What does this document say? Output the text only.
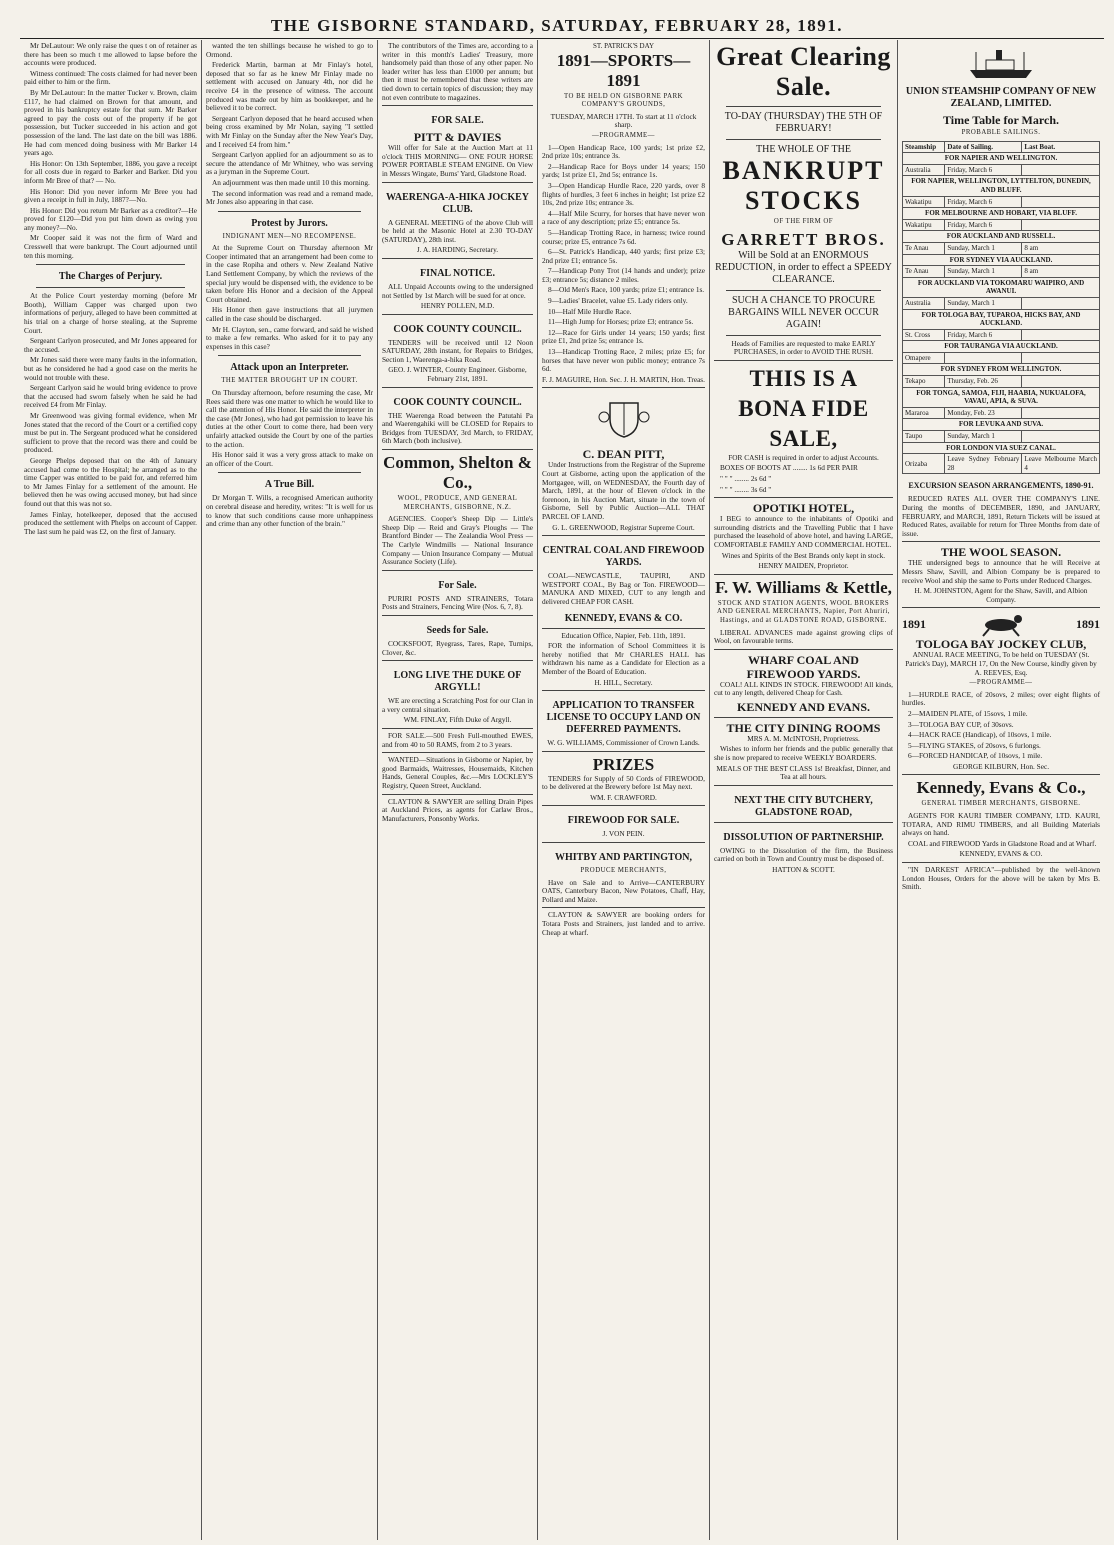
THE GISBORNE STANDARD, SATURDAY, FEBRUARY 28, 1891.

Mr DeLautour: We only raise the ques t on of retainer as there has been so much t me allowed to lapse before the accounts were produced.

Witness continued: The costs claimed for had never been paid either to him or the firm.

By Mr DeLautour: In the matter Tucker v. Brown, claim £117, he had claimed on Brown for that amount, and proved in his bankruptcy estate for that sum. Mr Barker agreed to pay the costs out of the property if he got possession, but Tucker succeeded in his action and got possession of the land. The last date on the bill was 1886. He had com menced doing business with Mr Barker 14 years ago.

His Honor: On 13th September, 1886, you gave a receipt for all costs due in regard to Barker and Barker. Did you inform Mr Bree of that? — No.

His Honor: Did you never inform Mr Bree you had given a receipt in full in July, 1887?—No.

His Honor: Did you return Mr Barker as a creditor?—He proved for £120—Did you put him down as owing you any money?—No.

Mr Cooper said it was not the firm of Ward and Cresswell that were bankrupt. The Court adjourned until ten this morning.

The Charges of Perjury.

At the Police Court yesterday morning (before Mr Booth), William Capper was charged upon two informations of perjury, alleged to have been committed at his trial on a charge of horse stealing, at the Supreme Court.

Sergeant Carlyon prosecuted, and Mr Jones appeared for the accused.

Mr Jones said there were many faults in the information, but as he considered he had a good case on the merits he would not trouble with these.

Sergeant Carlyon said he would bring evidence to prove that the accused had sworn falsely when he said he had received £4 from Mr Finlay.

Mr Greenwood was giving formal evidence, when Mr Jones stated that the record of the Court or a certified copy must be put in. The Sergeant produced what he considered sufficient to prove that the record was there and could be produced.

George Phelps deposed that on the 4th of January accused had come to the Hospital; he arranged as to the time Capper was entitled to be paid for, and referred him to Mr James Finlay for a settlement of the amount. He believed then he was owing accused money, but had since found out that this was not so.

James Finlay, hotelkeeper, deposed that the accused produced the settlement with Phelps on account of Capper. The last sum he paid was £2, on the first of January.

wanted the ten shillings because he wished to go to Ormond.

Frederick Martin, barman at Mr Finlay's hotel, deposed that so far as he knew Mr Finlay made no settlement with accused on January 4th, nor did he receive £4 in the presence of witness. The account produced was made out by him as bookkeeper, and he believed it to be correct.

Sergeant Carlyon deposed that he heard accused when being cross examined by Mr Nolan, saying "I settled with Mr Finlay on the Sunday after the New Year's Day, and I received £4 from him."

Sergeant Carlyon applied for an adjournment so as to secure the attendance of Mr Whitney, who was serving as a juryman in the Supreme Court.

An adjournment was then made until 10 this morning.

The second information was read and a remand made, Mr Jones also appearing in that case.

Protest by Jurors.
INDIGNANT MEN—NO RECOMPENSE.

At the Supreme Court on Thursday afternoon Mr Cooper intimated that an arrangement had been come to in the case Ropiha and others v. New Zealand Native Land Settlement Company, by which the reviews of the special jury would be dispensed with, the evidence to be taken before His Honor and a decision of the Appeal Court obtained.

His Honor then gave instructions that all jurymen called in the case should be discharged.

Mr H. Clayton, sen., came forward, and said he wished to make a few remarks. Who asked for it to pay any expenses in this case?

Attack upon an Interpreter.
THE MATTER BROUGHT UP IN COURT.

On Thursday afternoon, before resuming the case, Mr Rees said there was one matter to which he would like to call the attention of His Honor. He said the interpreter in the case (Mr Jones), who had got permission to leave his duties at the other Court to come there, had been very unfairly attacked outside the Court by one of the parties to the action.

His Honor said it was a very gross attack to make on an officer of the Court.

A True Bill.

Dr Morgan T. Wills, a recognised American authority on cerebral disease and heredity, writes: "It is well for us to know that such conditions cause more unhappiness and crime than any other function of the brain."

The contributors of the Times are, according to a writer in this month's Ladies' Treasury, more handsomely paid than those of any other paper. No leader writer has less than £1000 per annum; but then it must be remembered that these writers are tied down to certain topics of discussion; they may not even contribute to magazines.

FOR SALE.
PITT & DAVIES

Will offer for Sale at the Auction Mart at 11 o'clock THIS MORNING— ONE FOUR HORSE POWER PORTABLE STEAM ENGINE. On View in Messrs Wingate, Burns' Yard, Gladstone Road.

WAERENGA-A-HIKA JOCKEY CLUB.

A GENERAL MEETING of the above Club will be held at the Masonic Hotel at 2.30 TO-DAY (SATURDAY), 28th inst.

J. A. HARDING, Secretary.

FINAL NOTICE.

ALL Unpaid Accounts owing to the undersigned not Settled by 1st March will be sued for at once.

HENRY POLLEN, M.D.

COOK COUNTY COUNCIL.

TENDERS will be received until 12 Noon SATURDAY, 28th instant, for Repairs to Bridges, Section 1, Waerenga-a-hika Road.

GEO. J. WINTER, County Engineer. Gisborne, February 21st, 1891.

COOK COUNTY COUNCIL.

THE Waerenga Road between the Patutahi Pa and Waerengahiki will be CLOSED for Repairs to Bridges from TUESDAY, 3rd March, to FRIDAY, 6th March (both inclusive).

Common, Shelton & Co.,
WOOL, PRODUCE, AND GENERAL MERCHANTS, GISBORNE, N.Z.

AGENCIES. Cooper's Sheep Dip — Little's Sheep Dip — Reid and Gray's Ploughs — The Brantford Binder — The Zealandia Wool Press — The Carlyle Windmills — National Insurance Company — Union Insurance Company — Mutual Assurance Society (Life).

For Sale.

PURIRI POSTS AND STRAINERS, Totara Posts and Strainers, Fencing Wire (Nos. 6, 7, 8).

Seeds for Sale.

COCKSFOOT, Ryegrass, Tares, Rape, Turnips, Clover, &c.

LONG LIVE THE DUKE OF ARGYLL!

WE are erecting a Scratching Post for our Clan in a very central situation.

WM. FINLAY, Fifth Duke of Argyll.

FOR SALE.—500 Fresh Full-mouthed EWES, and from 40 to 50 RAMS, from 2 to 3 years.

WANTED—Situations in Gisborne or Napier, by good Barmaids, Waitresses, Housemaids, Kitchen Hands, General Couples, &c.—Mrs LOCKLEY'S Registry, Queen Street, Auckland.

CLAYTON & SAWYER are selling Drain Pipes at Auckland Prices, as agents for Carlaw Bros., Manufacturers, Ponsonby Works.

ST. PATRICK'S DAY
1891—SPORTS—1891
TO BE HELD ON GISBORNE PARK COMPANY'S GROUNDS,

TUESDAY, MARCH 17TH. To start at 11 o'clock sharp.

—PROGRAMME—

1—Open Handicap Race, 100 yards; 1st prize £2, 2nd prize 10s; entrance 3s.

2—Handicap Race for Boys under 14 years; 150 yards; 1st prize £1, 2nd 5s; entrance 1s.

3—Open Handicap Hurdle Race, 220 yards, over 8 flights of hurdles, 3 feet 6 inches in height; 1st prize £2 10s, 2nd prize 10s; entrance 3s.

4—Half Mile Scurry, for horses that have never won a race of any description; prize £5; entrance 5s.

5—Handicap Trotting Race, in harness; twice round course; prize £5, entrance 7s 6d.

6—St. Patrick's Handicap, 440 yards; first prize £3; 2nd prize £1; entrance 5s.

7—Handicap Pony Trot (14 hands and under); prize £3; entrance 5s; distance 2 miles.

8—Old Men's Race, 100 yards; prize £1; entrance 1s.

9—Ladies' Bracelet, value £5. Lady riders only.

10—Half Mile Hurdle Race.

11—High Jump for Horses; prize £3; entrance 5s.

12—Race for Girls under 14 years; 150 yards; first prize £1, 2nd prize 5s; entrance 1s.

13—Handicap Trotting Race, 2 miles; prize £5; for horses that have never won public money; entrance 7s 6d.

F. J. MAGUIRE, Hon. Sec. J. H. MARTIN, Hon. Treas.

C. DEAN PITT,

Under Instructions from the Registrar of the Supreme Court at Gisborne, acting upon the application of the Mortgagee, will, on WEDNESDAY, the Fourth day of March, 1891, at the hour of Eleven o'clock in the forenoon, in his Auction Mart, situate in the town of Gisborne, Sell by Public Auction—ALL THAT PARCEL OF LAND.

G. L. GREENWOOD, Registrar Supreme Court.

CENTRAL COAL AND FIREWOOD YARDS.

COAL—NEWCASTLE, TAUPIRI, AND WESTPORT COAL, By Bag or Ton. FIREWOOD—MANUKA AND MIXED, CUT to any length and delivered CHEAP FOR CASH.

KENNEDY, EVANS & CO.

Education Office, Napier, Feb. 11th, 1891.

FOR the information of School Committees it is hereby notified that Mr CHARLES HALL has withdrawn his name as a Candidate for Election as a Member of the Board of Education.

H. HILL, Secretary.

APPLICATION TO TRANSFER LICENSE TO OCCUPY LAND ON DEFERRED PAYMENTS.

W. G. WILLIAMS, Commissioner of Crown Lands.

PRIZES

TENDERS for Supply of 50 Cords of FIREWOOD, to be delivered at the Brewery before 1st May next.

WM. F. CRAWFORD.

FIREWOOD FOR SALE.

J. VON PEIN.

WHITBY AND PARTINGTON,
PRODUCE MERCHANTS,

Have on Sale and to Arrive—CANTERBURY OATS, Canterbury Bacon, New Potatoes, Chaff, Hay, Pollard and Maize.

CLAYTON & SAWYER are booking orders for Totara Posts and Strainers, just landed and to arrive. Cheap at wharf.

Great Clearing Sale.
TO-DAY (THURSDAY) THE 5TH OF FEBRUARY!
THE WHOLE OF THE
BANKRUPT STOCKS
OF THE FIRM OF
GARRETT BROS.
Will be Sold at an ENORMOUS REDUCTION, in order to effect a SPEEDY CLEARANCE.
SUCH A CHANCE TO PROCURE BARGAINS WILL NEVER OCCUR AGAIN!

Heads of Families are requested to make EARLY PURCHASES, in order to AVOID THE RUSH.

THIS IS A BONA FIDE SALE,

FOR CASH is required in order to adjust Accounts.

BOXES OF BOOTS AT ........ 1s 6d PER PAIR

" " " ........ 2s 6d "

" " " ........ 3s 6d "

OPOTIKI HOTEL,

I BEG to announce to the inhabitants of Opotiki and surrounding districts and the Travelling Public that I have purchased the leasehold of above hotel, and having LARGE, COMFORTABLE FAMILY AND COMMERCIAL HOTEL.

Wines and Spirits of the Best Brands only kept in stock.

HENRY MAIDEN, Proprietor.

F. W. Williams & Kettle,
STOCK AND STATION AGENTS, WOOL BROKERS AND GENERAL MERCHANTS, Napier, Port Ahuriri, Hastings, and at GLADSTONE ROAD, GISBORNE.

LIBERAL ADVANCES made against growing clips of Wool, on favourable terms.

WHARF COAL AND FIREWOOD YARDS.

COAL! ALL KINDS IN STOCK. FIREWOOD! All kinds, cut to any length, delivered Cheap for Cash.

KENNEDY AND EVANS.
THE CITY DINING ROOMS

MRS A. M. McINTOSH, Proprietress.

Wishes to inform her friends and the public generally that she is now prepared to receive WEEKLY BOARDERS.

MEALS OF THE BEST CLASS 1s! Breakfast, Dinner, and Tea at all hours.

NEXT THE CITY BUTCHERY, GLADSTONE ROAD,
DISSOLUTION OF PARTNERSHIP.

OWING to the Dissolution of the firm, the Business carried on both in Town and Country must be disposed of.

HATTON & SCOTT.

UNION STEAMSHIP COMPANY OF NEW ZEALAND, LIMITED.
Time Table for March.
PROBABLE SAILINGS.
Steamship	Date of Sailing.	Last Boat.
FOR NAPIER AND WELLINGTON.		
Australia	Friday, March 6	
FOR NAPIER, WELLINGTON, LYTTELTON, DUNEDIN, AND BLUFF.		
Wakatipu	Friday, March 6	
FOR MELBOURNE AND HOBART, VIA BLUFF.		
Wakatipu	Friday, March 6	
FOR AUCKLAND AND RUSSELL.		
Te Anau	Sunday, March 1	8 am
FOR SYDNEY VIA AUCKLAND.		
Te Anau	Sunday, March 1	8 am
FOR AUCKLAND VIA TOKOMARU WAIPIRO, AND AWANUI.		
Australia	Sunday, March 1	
FOR TOLOGA BAY, TUPAROA, HICKS BAY, AND AUCKLAND.		
St. Cross	Friday, March 6	
FOR TAURANGA VIA AUCKLAND.		
Omapere		
FOR SYDNEY FROM WELLINGTON.		
Tekapo	Thursday, Feb. 26	
FOR TONGA, SAMOA, FIJI, HAABIA, NUKUALOFA, VAVAU, APIA, & SUVA.		
Mararoa	Monday, Feb. 23	
FOR LEVUKA AND SUVA.		
Taupo	Sunday, March 1	
FOR LONDON VIA SUEZ CANAL.		
Orizaba	Leave Sydney February 28	Leave Melbourne March 4
EXCURSION SEASON ARRANGEMENTS, 1890-91.

REDUCED RATES ALL OVER THE COMPANY'S LINE. During the months of DECEMBER, 1890, and JANUARY, FEBRUARY, and MARCH, 1891, Return Tickets will be issued at Reduced Rates, available for return for Three Months from date of issue.

THE WOOL SEASON.

THE undersigned begs to announce that he will Receive at Messrs Shaw, Savill, and Albion Company be is prepared to receive Wool and ship the same to Ports under Reduced Charges.

H. M. JOHNSTON, Agent for the Shaw, Savill, and Albion Company.

1891	1891
TOLOGA BAY JOCKEY CLUB,

ANNUAL RACE MEETING, To be held on TUESDAY (St. Patrick's Day), MARCH 17, On the New Course, kindly given by A. REEVES, Esq.

—PROGRAMME—

1—HURDLE RACE, of 20sovs, 2 miles; over eight flights of hurdles.

2—MAIDEN PLATE, of 15sovs, 1 mile.

3—TOLOGA BAY CUP, of 30sovs.

4—HACK RACE (Handicap), of 10sovs, 1 mile.

5—FLYING STAKES, of 20sovs, 6 furlongs.

6—FORCED HANDICAP, of 10sovs, 1 mile.

GEORGE KILBURN, Hon. Sec.

Kennedy, Evans & Co.,
GENERAL TIMBER MERCHANTS, GISBORNE.

AGENTS FOR KAURI TIMBER COMPANY, LTD. KAURI, TOTARA, AND RIMU TIMBERS, and all Building Materials always on hand.

COAL and FIREWOOD Yards in Gladstone Road and at Wharf.

KENNEDY, EVANS & CO.

"IN DARKEST AFRICA"—published by the well-known London Houses, Orders for the above will be taken by Mrs B. Smith.
